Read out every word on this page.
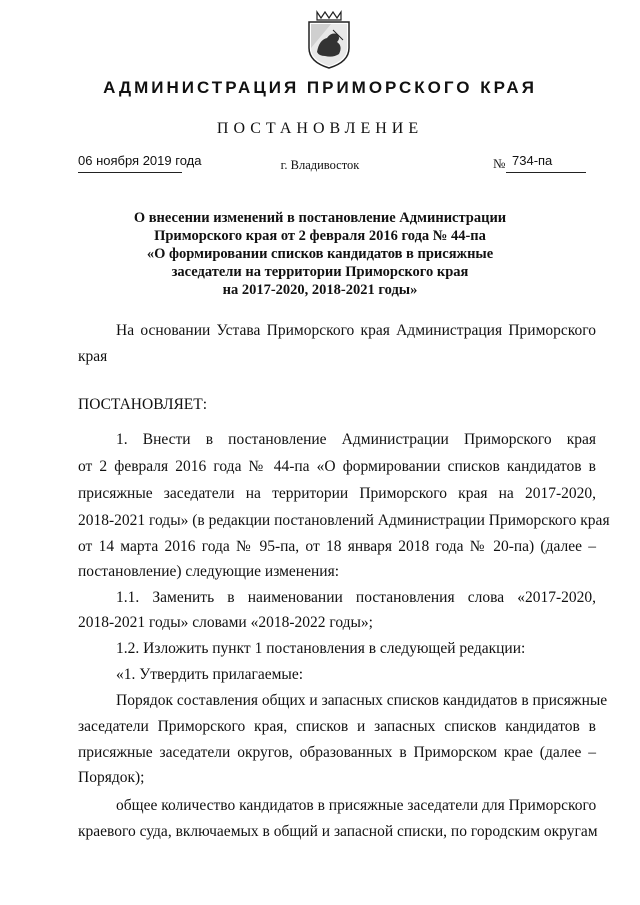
АДМИНИСТРАЦИЯ ПРИМОРСКОГО КРАЯ
ПОСТАНОВЛЕНИЕ
06 ноября 2019 года	г. Владивосток	№ 734-па
О внесении изменений в постановление Администрации
Приморского края от 2 февраля 2016 года № 44-па
«О формировании списков кандидатов в присяжные
заседатели на территории Приморского края
на 2017-2020, 2018-2021 годы»
На основании Устава Приморского края Администрация Приморского
края
ПОСТАНОВЛЯЕТ:
1. Внести в постановление Администрации Приморского края
от 2 февраля 2016 года № 44-па «О формировании списков кандидатов в
присяжные заседатели на территории Приморского края на 2017-2020,
2018-2021 годы» (в редакции постановлений Администрации Приморского края
от 14 марта 2016 года № 95-па, от 18 января 2018 года № 20-па) (далее –
постановление) следующие изменения:
1.1. Заменить в наименовании постановления слова «2017-2020,
2018-2021 годы» словами «2018-2022 годы»;
1.2. Изложить пункт 1 постановления в следующей редакции:
«1. Утвердить прилагаемые:
Порядок составления общих и запасных списков кандидатов в присяжные
заседатели Приморского края, списков и запасных списков кандидатов в
присяжные заседатели округов, образованных в Приморском крае (далее –
Порядок);
общее количество кандидатов в присяжные заседатели для Приморского
краевого суда, включаемых в общий и запасной списки, по городским округам
